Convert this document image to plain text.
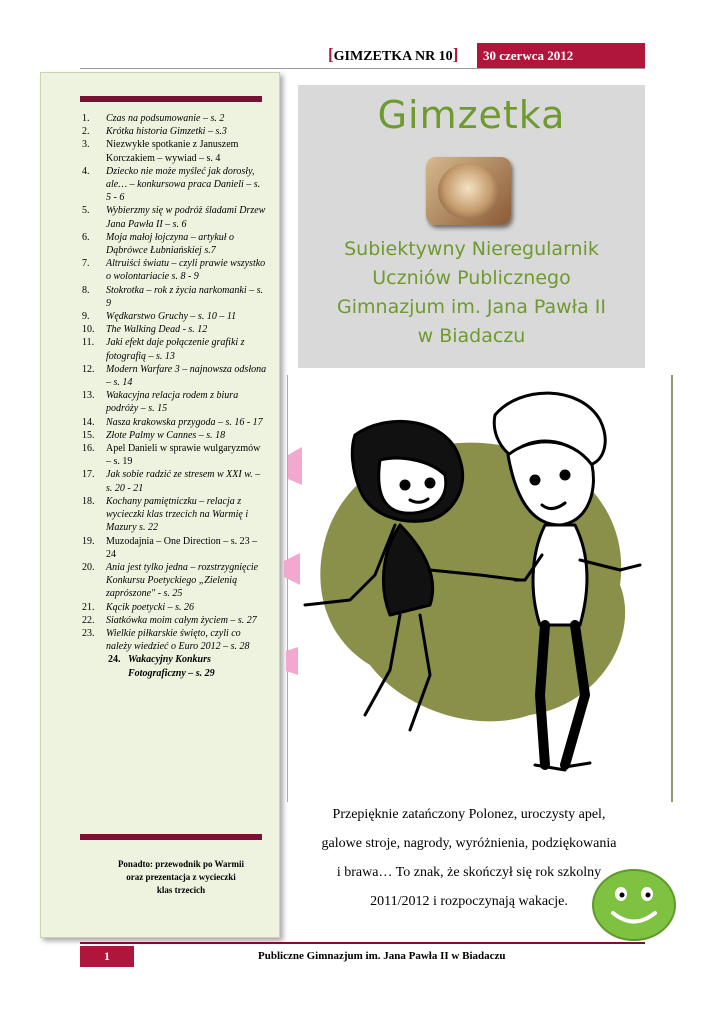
[GIMZETKA NR 10]	30 czerwca 2012
1.	Czas na podsumowanie – s. 2
2.	Krótka historia Gimzetki – s.3
3.	Niezwykłe spotkanie z Januszem Korczakiem – wywiad – s. 4
4.	Dziecko nie może myśleć jak dorosły, ale… – konkursowa praca Danieli – s. 5 - 6
5.	Wybierzmy się w podróż śladami Drzew Jana Pawła II – s. 6
6.	Moja małoj łojczyna – artykuł o Dąbrówce Łubniańskiej s.7
7.	Altruiści światu – czyli prawie wszystko o wolontariacie s. 8 - 9
8.	Stokrotka – rok z życia narkomanki – s. 9
9.	Wędkarstwo Gruchy – s. 10 – 11
10.	The Walking Dead - s. 12
11.	Jaki efekt daje połączenie grafiki z fotografią – s. 13
12.	Modern Warfare 3 – najnowsza odsłona – s. 14
13.	Wakacyjna relacja rodem z biura podróży – s. 15
14.	Nasza krakowska przygoda – s. 16 - 17
15.	Złote Palmy w Cannes – s. 18
16.	Apel Danieli w sprawie wulgaryzmów – s. 19
17.	Jak sobie radzić ze stresem w XXI w. – s. 20 - 21
18.	Kochany pamiętniczku – relacja z wycieczki klas trzecich na Warmię i Mazury s. 22
19.	Muzodajnia – One Direction – s. 23 – 24
20.	Ania jest tylko jedna – rozstrzygnięcie Konkursu Poetyckiego „Zielenią zaprószone" - s. 25
21.	Kącik poetycki – s. 26
22.	Siatkówka moim całym życiem – s. 27
23.	Wielkie piłkarskie święto, czyli co należy wiedzieć o Euro 2012 – s. 28
24. Wakacyjny Konkurs Fotograficzny – s. 29
Ponadto: przewodnik po Warmii
oraz prezentacja z wycieczki
klas trzecich
Gimzetka
Subiektywny Nieregularnik
Uczniów Publicznego
Gimnazjum im. Jana Pawła II
w Biadaczu
Przepięknie zatańczony Polonez, uroczysty apel,
galowe stroje, nagrody, wyróżnienia, podziękowania
i brawa… To znak, że skończył się rok szkolny
2011/2012 i rozpoczynają wakacje.
1	Publiczne Gimnazjum im. Jana Pawła II w Biadaczu
